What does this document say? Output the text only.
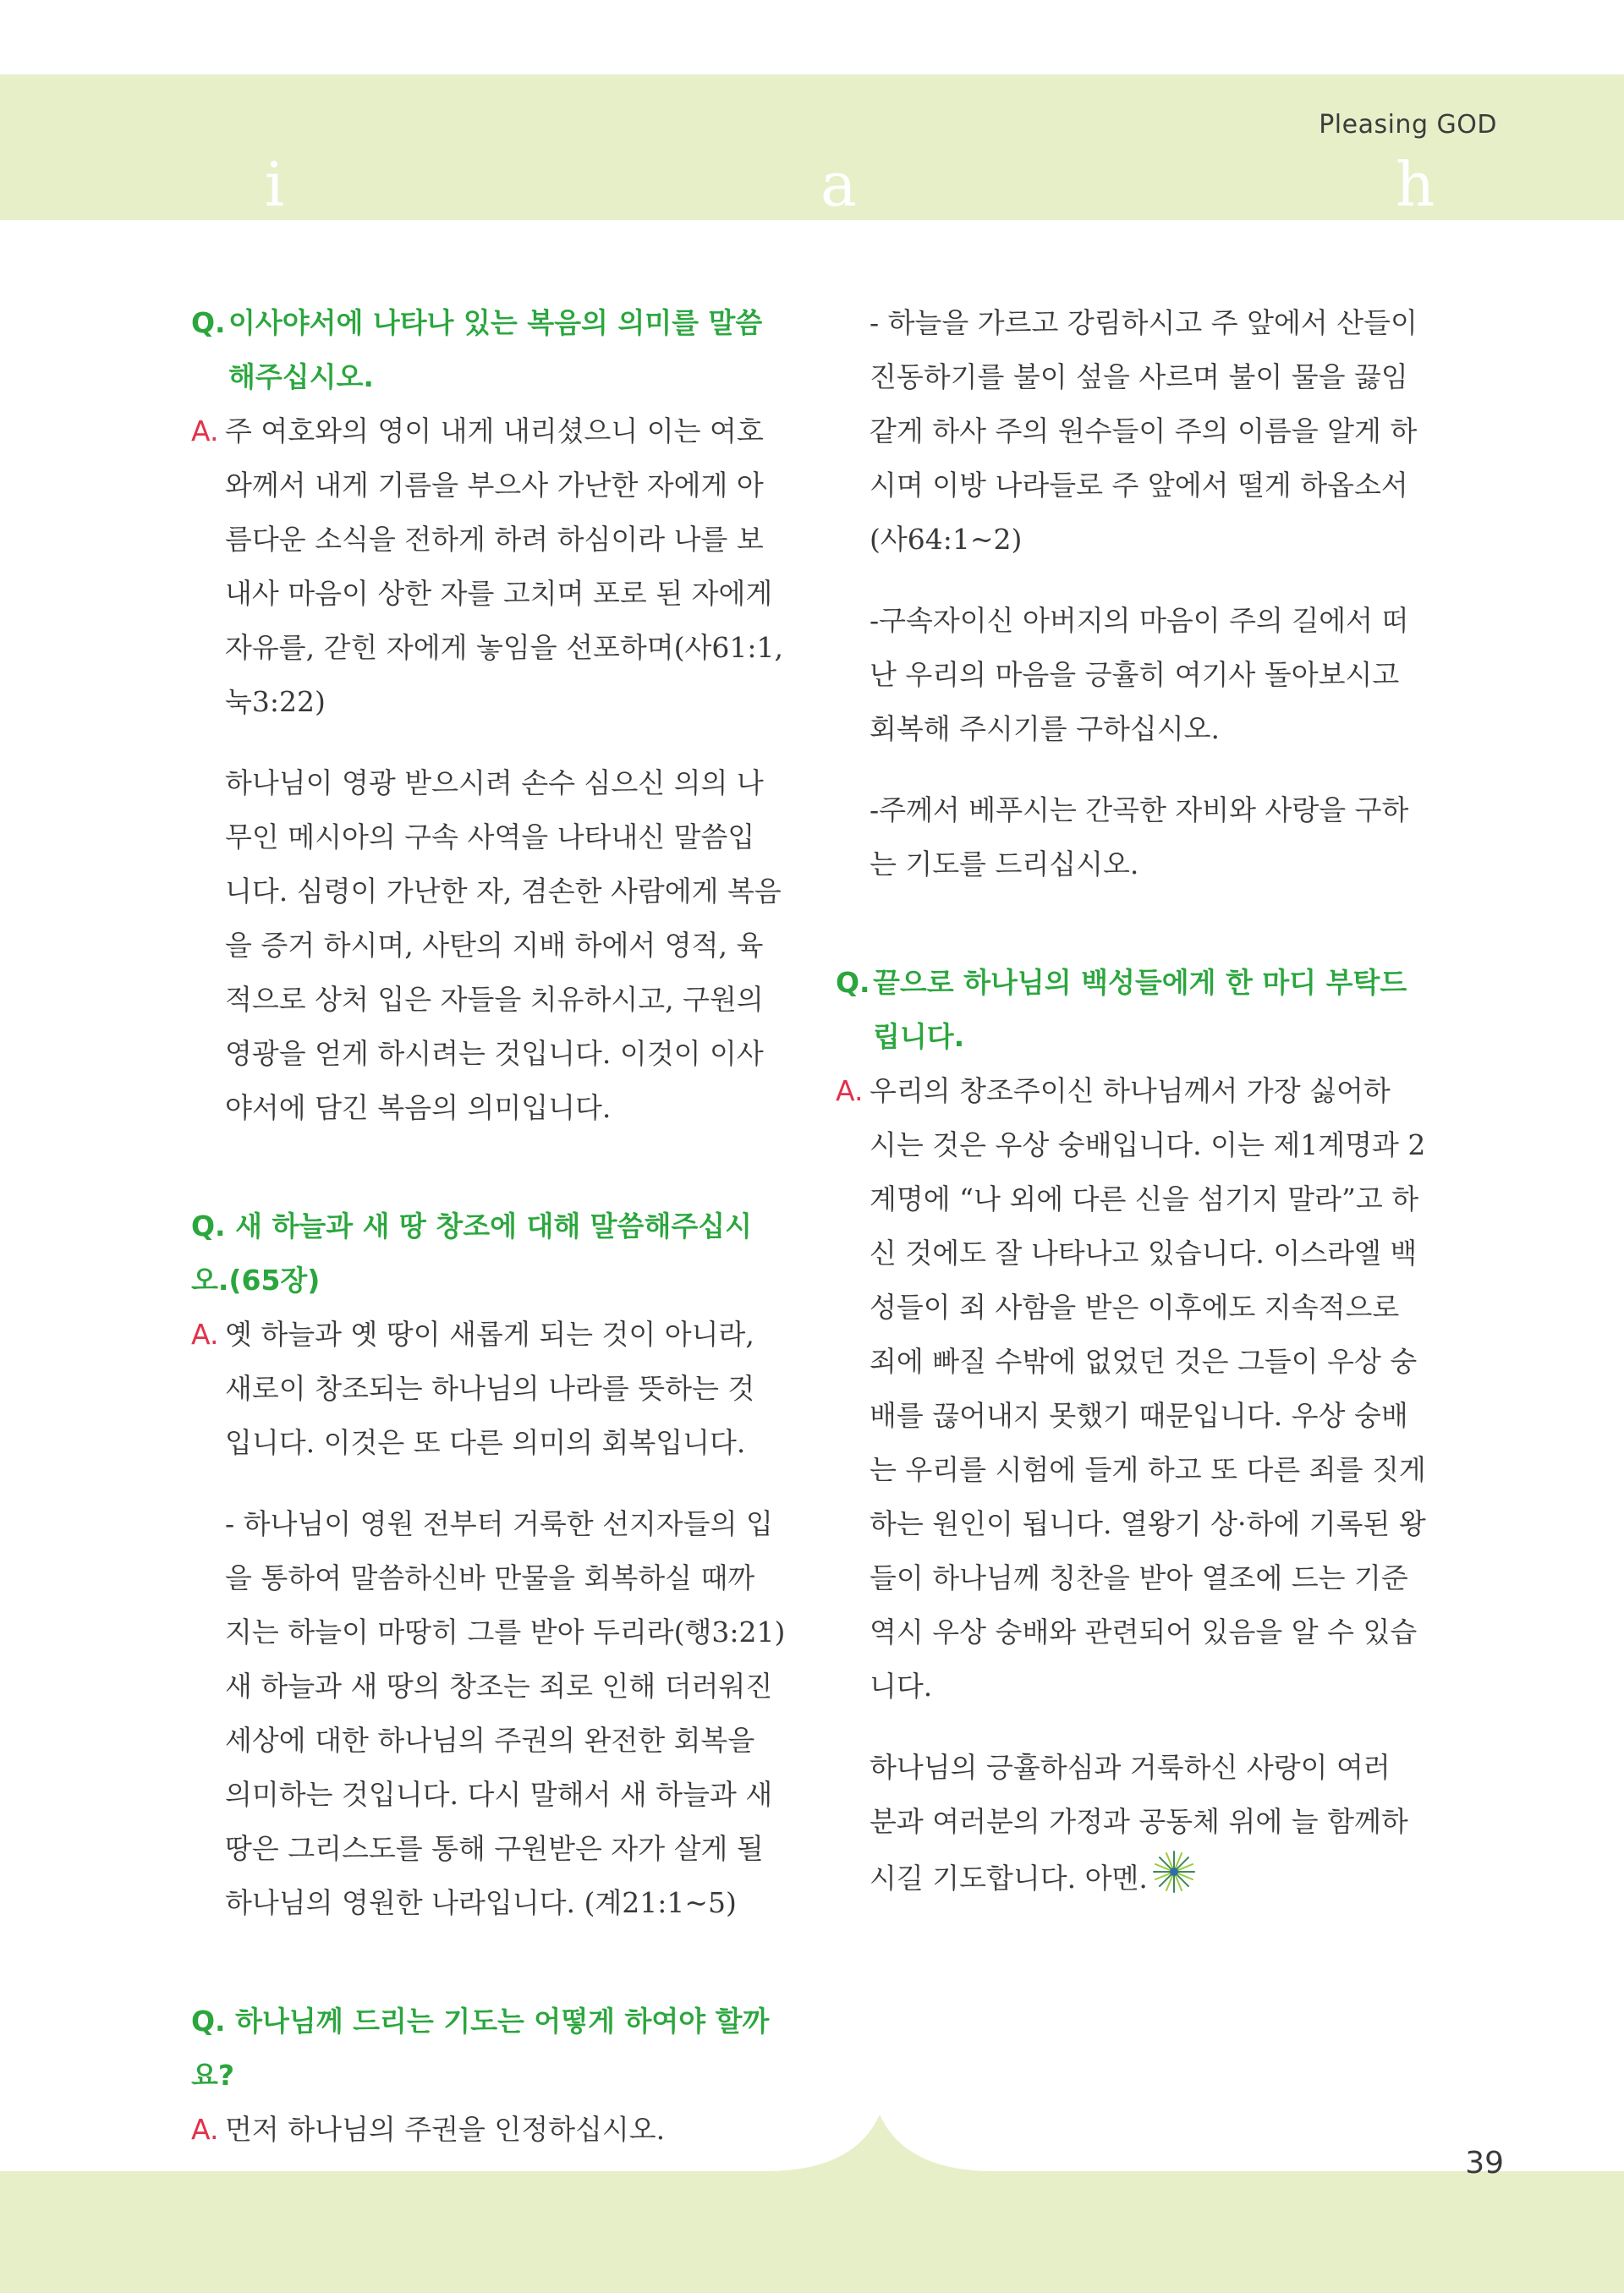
Pleasing GOD
i	a	h

Q. 이사야서에 나타나 있는 복음의 의미를 말씀
해주십시오.

A. 주 여호와의 영이 내게 내리셨으니 이는 여호
와께서 내게 기름을 부으사 가난한 자에게 아
름다운 소식을 전하게 하려 하심이라 나를 보
내사 마음이 상한 자를 고치며 포로 된 자에게
자유를, 갇힌 자에게 놓임을 선포하며(사61:1,
눅3:22)

하나님이 영광 받으시려 손수 심으신 의의 나
무인 메시아의 구속 사역을 나타내신 말씀입
니다. 심령이 가난한 자, 겸손한 사람에게 복음
을 증거 하시며, 사탄의 지배 하에서 영적, 육
적으로 상처 입은 자들을 치유하시고, 구원의
영광을 얻게 하시려는 것입니다. 이것이 이사
야서에 담긴 복음의 의미입니다.

Q. 새 하늘과 새 땅 창조에 대해 말씀해주십시
오.(65장)

A. 옛 하늘과 옛 땅이 새롭게 되는 것이 아니라,
새로이 창조되는 하나님의 나라를 뜻하는 것
입니다. 이것은 또 다른 의미의 회복입니다.

- 하나님이 영원 전부터 거룩한 선지자들의 입
을 통하여 말씀하신바 만물을 회복하실 때까
지는 하늘이 마땅히 그를 받아 두리라(행3:21)
새 하늘과 새 땅의 창조는 죄로 인해 더러워진
세상에 대한 하나님의 주권의 완전한 회복을
의미하는 것입니다. 다시 말해서 새 하늘과 새
땅은 그리스도를 통해 구원받은 자가 살게 될
하나님의 영원한 나라입니다. (계21:1~5)

Q. 하나님께 드리는 기도는 어떻게 하여야 할까요?

A. 먼저 하나님의 주권을 인정하십시오.

- 하늘을 가르고 강림하시고 주 앞에서 산들이
진동하기를 불이 섶을 사르며 불이 물을 끓임
같게 하사 주의 원수들이 주의 이름을 알게 하
시며 이방 나라들로 주 앞에서 떨게 하옵소서
(사64:1~2)

-구속자이신 아버지의 마음이 주의 길에서 떠
난 우리의 마음을 긍휼히 여기사 돌아보시고
회복해 주시기를 구하십시오.

-주께서 베푸시는 간곡한 자비와 사랑을 구하
는 기도를 드리십시오.

Q. 끝으로 하나님의 백성들에게 한 마디 부탁드
립니다.

A. 우리의 창조주이신 하나님께서 가장 싫어하
시는 것은 우상 숭배입니다. 이는 제1계명과 2
계명에 “나 외에 다른 신을 섬기지 말라”고 하
신 것에도 잘 나타나고 있습니다. 이스라엘 백
성들이 죄 사함을 받은 이후에도 지속적으로
죄에 빠질 수밖에 없었던 것은 그들이 우상 숭
배를 끊어내지 못했기 때문입니다. 우상 숭배
는 우리를 시험에 들게 하고 또 다른 죄를 짓게
하는 원인이 됩니다. 열왕기 상·하에 기록된 왕
들이 하나님께 칭찬을 받아 열조에 드는 기준
역시 우상 숭배와 관련되어 있음을 알 수 있습
니다.

하나님의 긍휼하심과 거룩하신 사랑이 여러
분과 여러분의 가정과 공동체 위에 늘 함께하
시길 기도합니다. 아멘.

39
